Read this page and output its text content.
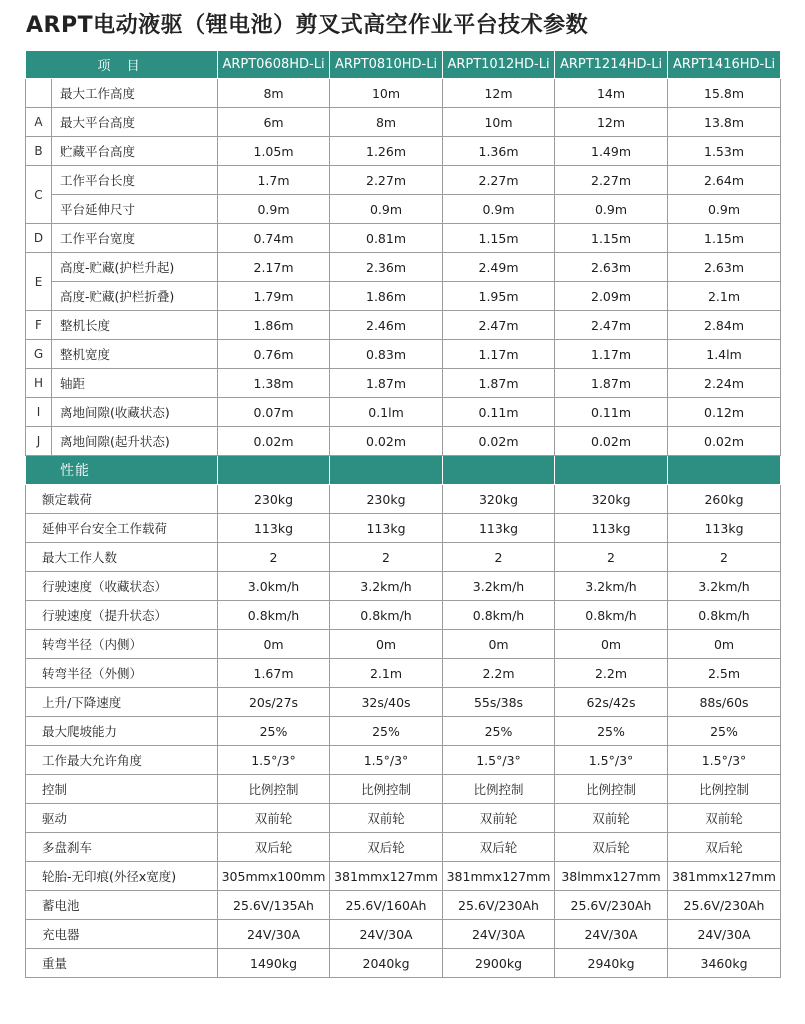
ARPT电动液驱（锂电池）剪叉式高空作业平台技术参数
项 目		ARPT0608HD-Li	ARPT0810HD-Li	ARPT1012HD-Li	ARPT1214HD-Li	ARPT1416HD-Li
	最大工作高度	8m	10m	12m	14m	15.8m
A	最大平台高度	6m	8m	10m	12m	13.8m
B	贮藏平台高度	1.05m	1.26m	1.36m	1.49m	1.53m
C	工作平台长度	1.7m	2.27m	2.27m	2.27m	2.64m
	平台延伸尺寸	0.9m	0.9m	0.9m	0.9m	0.9m
D	工作平台宽度	0.74m	0.81m	1.15m	1.15m	1.15m
E	高度-贮藏(护栏升起)	2.17m	2.36m	2.49m	2.63m	2.63m
	高度-贮藏(护栏折叠)	1.79m	1.86m	1.95m	2.09m	2.1m
F	整机长度	1.86m	2.46m	2.47m	2.47m	2.84m
G	整机宽度	0.76m	0.83m	1.17m	1.17m	1.4lm
H	轴距	1.38m	1.87m	1.87m	1.87m	2.24m
I	离地间隙(收藏状态)	0.07m	0.1lm	0.11m	0.11m	0.12m
J	离地间隙(起升状态)	0.02m	0.02m	0.02m	0.02m	0.02m
性能						
额定载荷		230kg	230kg	320kg	320kg	260kg
延伸平台安全工作载荷		113kg	113kg	113kg	113kg	113kg
最大工作人数		2	2	2	2	2
行驶速度（收藏状态）		3.0km/h	3.2km/h	3.2km/h	3.2km/h	3.2km/h
行驶速度（提升状态）		0.8km/h	0.8km/h	0.8km/h	0.8km/h	0.8km/h
转弯半径（内侧）		0m	0m	0m	0m	0m
转弯半径（外侧）		1.67m	2.1m	2.2m	2.2m	2.5m
上升/下降速度		20s/27s	32s/40s	55s/38s	62s/42s	88s/60s
最大爬坡能力		25%	25%	25%	25%	25%
工作最大允许角度		1.5°/3°	1.5°/3°	1.5°/3°	1.5°/3°	1.5°/3°
控制		比例控制	比例控制	比例控制	比例控制	比例控制
驱动		双前轮	双前轮	双前轮	双前轮	双前轮
多盘刹车		双后轮	双后轮	双后轮	双后轮	双后轮
轮胎-无印痕(外径x宽度)		305mmx100mm	381mmx127mm	381mmx127mm	38lmmx127mm	381mmx127mm
蓄电池		25.6V/135Ah	25.6V/160Ah	25.6V/230Ah	25.6V/230Ah	25.6V/230Ah
充电器		24V/30A	24V/30A	24V/30A	24V/30A	24V/30A
重量		1490kg	2040kg	2900kg	2940kg	3460kg
